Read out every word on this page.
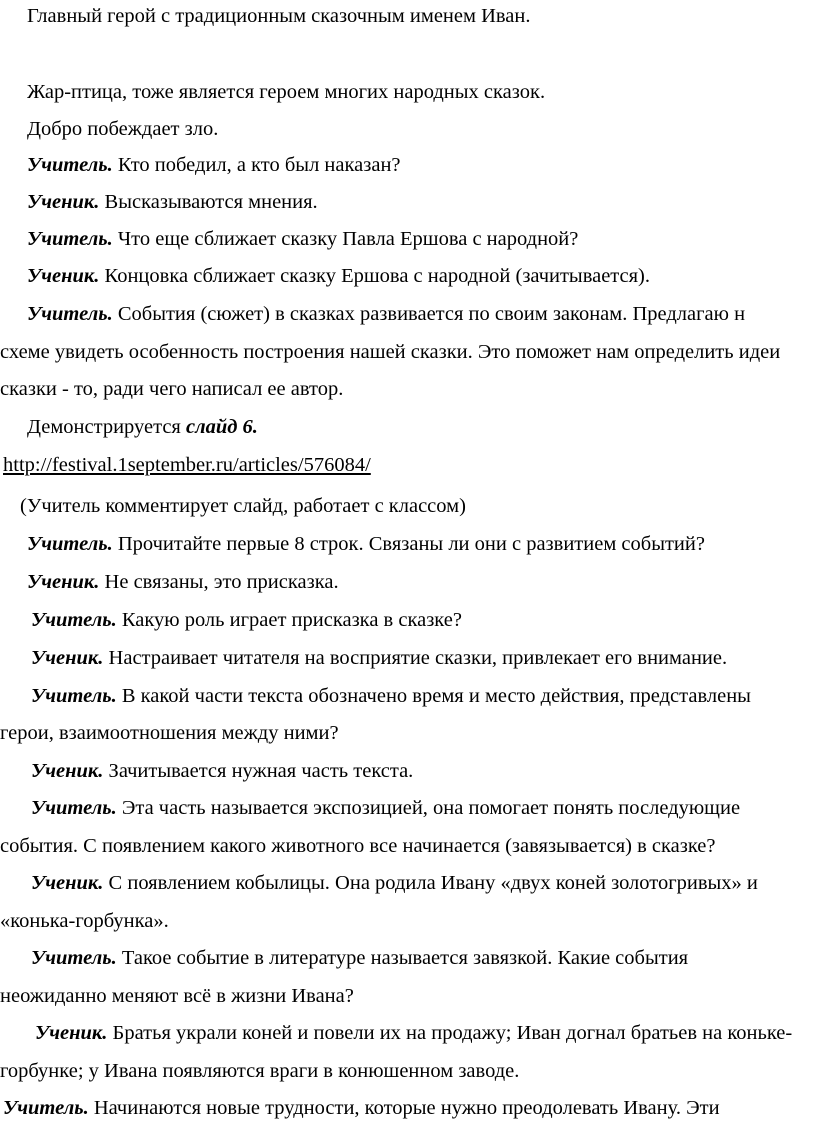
Главный герой с традиционным сказочным именем Иван.
Жар-птица, тоже является героем многих народных сказок.
Добро побеждает зло.
Учитель. Кто победил, а кто был наказан?
Ученик. Высказываются мнения.
Учитель. Что еще сближает сказку Павла Ершова с народной?
Ученик. Концовка сближает сказку Ершова с народной (зачитывается).
Учитель. События (сюжет) в сказках развивается по своим законам. Предлагаю н
схеме увидеть особенность построения нашей сказки. Это поможет нам определить идеи
сказки - то, ради чего написал ее автор.
Демонстрируется слайд 6.
http://festival.1september.ru/articles/576084/
(Учитель комментирует слайд, работает с классом)
Учитель. Прочитайте первые 8 строк. Связаны ли они с развитием событий?
Ученик. Не связаны, это присказка.
Учитель. Какую роль играет присказка в сказке?
Ученик. Настраивает читателя на восприятие сказки, привлекает его внимание.
Учитель. В какой части текста обозначено время и место действия, представлены
герои, взаимоотношения между ними?
Ученик. Зачитывается нужная часть текста.
Учитель. Эта часть называется экспозицией, она помогает понять последующие
события. С появлением какого животного все начинается (завязывается) в сказке?
Ученик. С появлением кобылицы. Она родила Ивану «двух коней золотогривых» и
«конька-горбунка».
Учитель. Такое событие в литературе называется завязкой. Какие события
неожиданно меняют всё в жизни Ивана?
Ученик. Братья украли коней и повели их на продажу; Иван догнал братьев на коньке-
горбунке; у Ивана появляются враги в конюшенном заводе.
Учитель. Начинаются новые трудности, которые нужно преодолевать Ивану. Эти
